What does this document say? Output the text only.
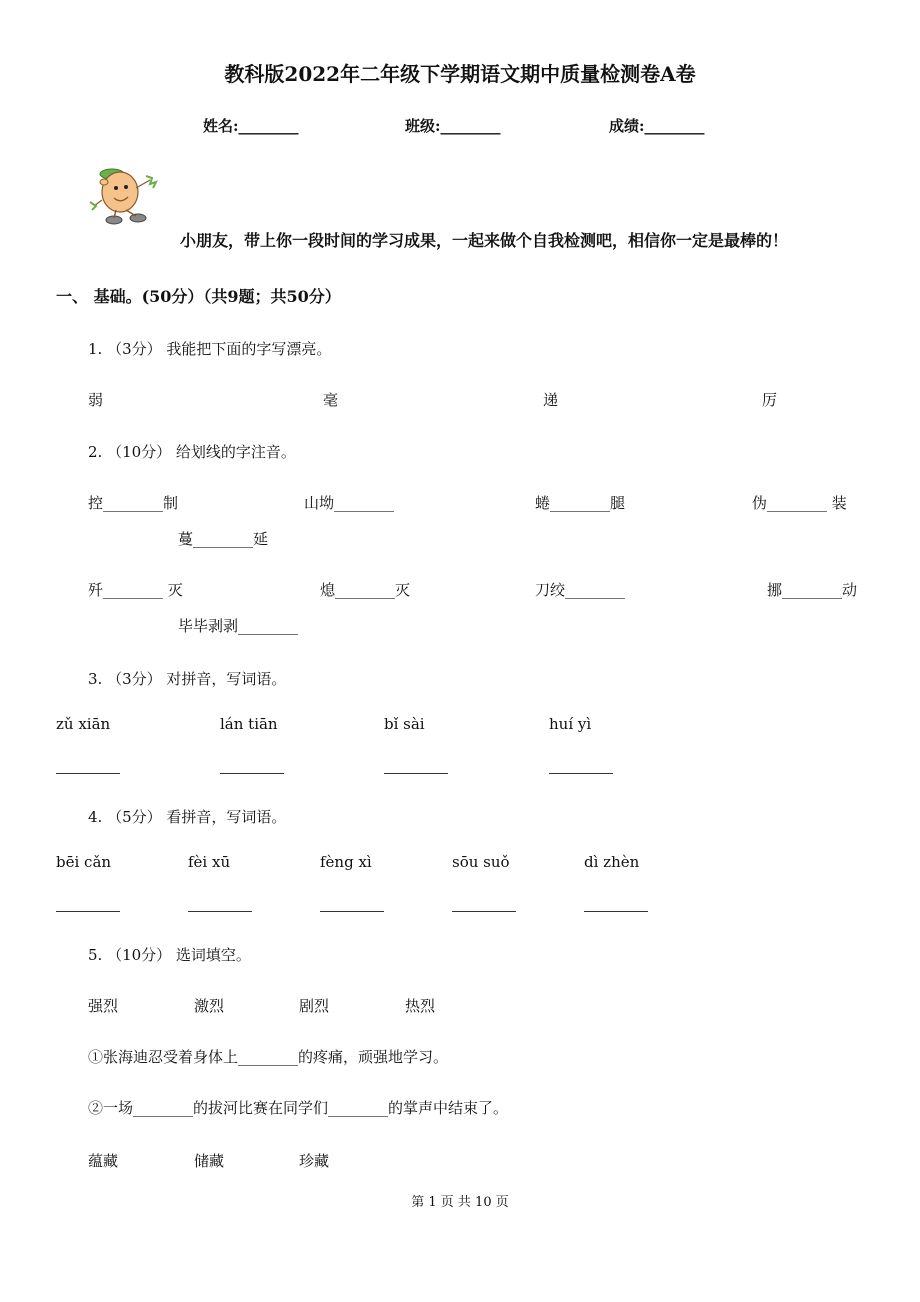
教科版2022年二年级下学期语文期中质量检测卷A卷
姓名:________	班级:________	成绩:________
小朋友，带上你一段时间的学习成果，一起来做个自我检测吧，相信你一定是最棒的！
一、 基础。(50分）（共9题；共50分）
1. （3分） 我能把下面的字写漂亮。
弱	毫	递	厉
2. （10分） 给划线的字注音。
控________制	山坳________	蜷________腿	伪________ 装
蔓________延
歼________ 灭	熄________灭	刀绞________	挪________动
毕毕剥剥________
3. （3分） 对拼音，写词语。
zǔ xiān	lán tiān	bǐ sài	huí yì
4. （5分） 看拼音，写词语。
bēi cǎn	fèi xū	fèng xì	sōu suǒ	dì zhèn
5. （10分） 选词填空。
强烈	激烈	剧烈	热烈
①张海迪忍受着身体上________的疼痛，顽强地学习。
②一场________的拔河比赛在同学们________的掌声中结束了。
蕴藏	储藏	珍藏
第 1 页 共 10 页
